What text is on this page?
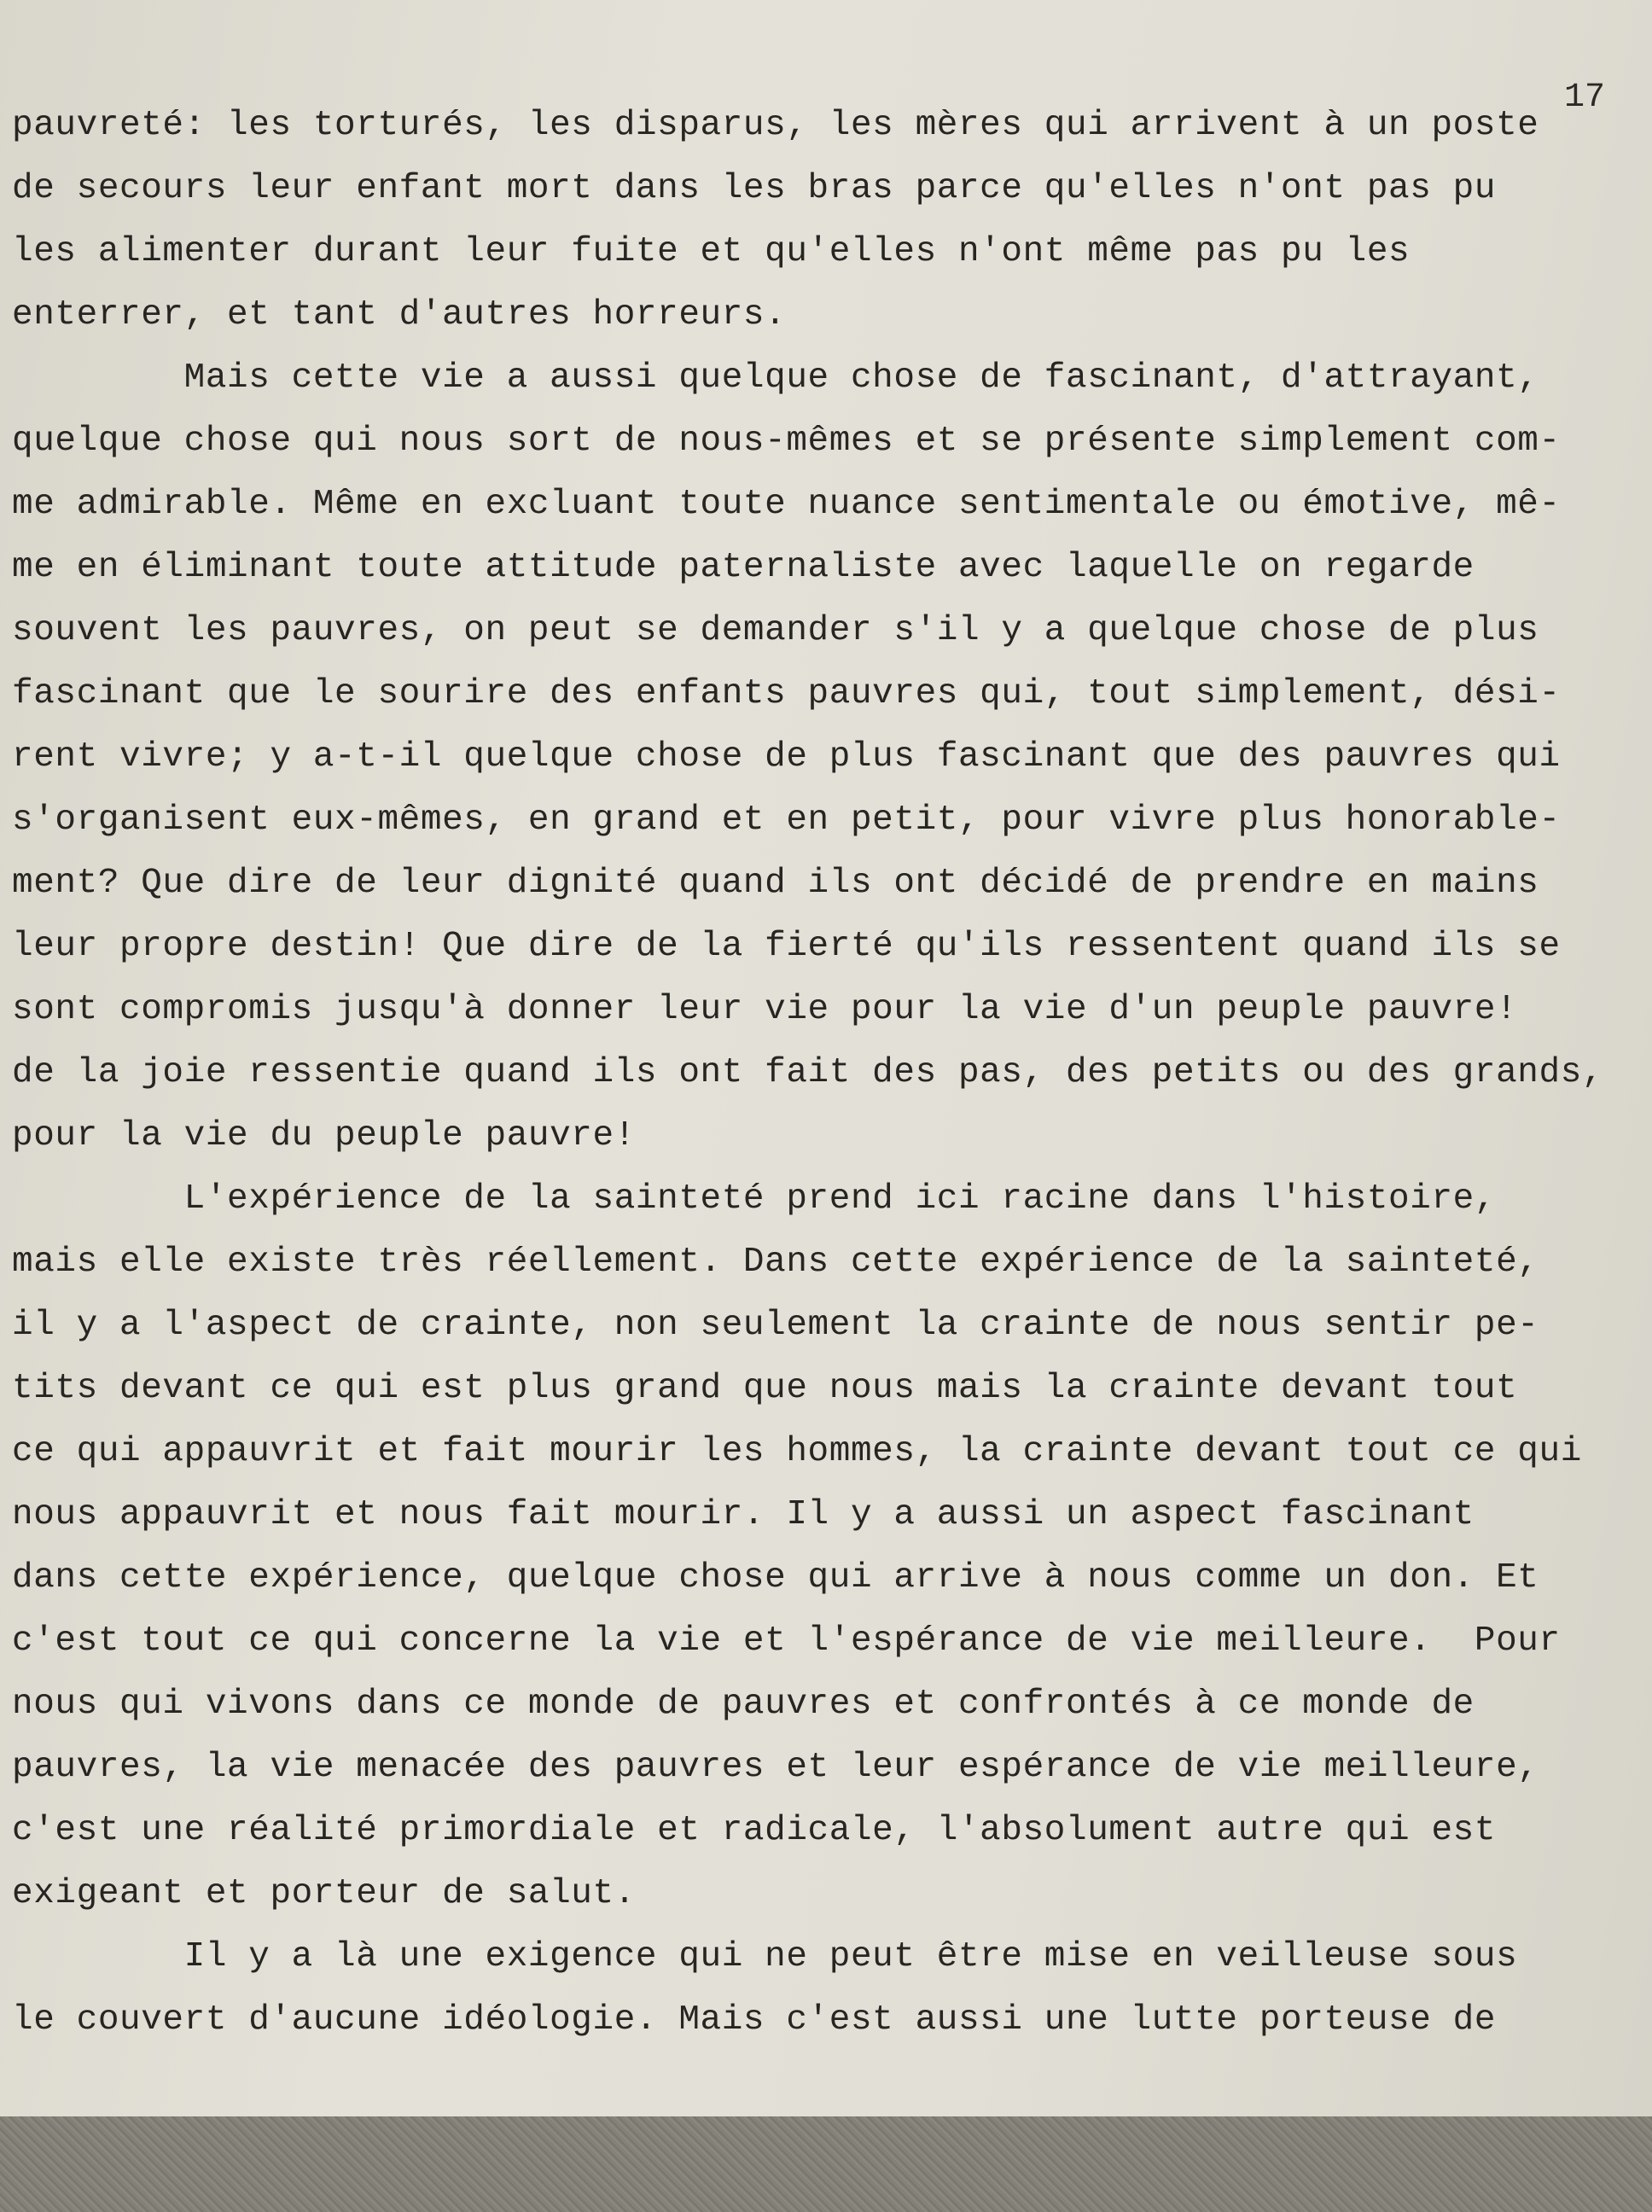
17

pauvreté: les torturés, les disparus, les mères qui arrivent à un poste
de secours leur enfant mort dans les bras parce qu'elles n'ont pas pu
les alimenter durant leur fuite et qu'elles n'ont même pas pu les
enterrer, et tant d'autres horreurs.
Mais cette vie a aussi quelque chose de fascinant, d'attrayant,
quelque chose qui nous sort de nous-mêmes et se présente simplement com-
me admirable. Même en excluant toute nuance sentimentale ou émotive, mê-
me en éliminant toute attitude paternaliste avec laquelle on regarde
souvent les pauvres, on peut se demander s'il y a quelque chose de plus
fascinant que le sourire des enfants pauvres qui, tout simplement, dési-
rent vivre; y a-t-il quelque chose de plus fascinant que des pauvres qui
s'organisent eux-mêmes, en grand et en petit, pour vivre plus honorable-
ment? Que dire de leur dignité quand ils ont décidé de prendre en mains
leur propre destin! Que dire de la fierté qu'ils ressentent quand ils se
sont compromis jusqu'à donner leur vie pour la vie d'un peuple pauvre!
de la joie ressentie quand ils ont fait des pas, des petits ou des grands,
pour la vie du peuple pauvre!
L'expérience de la sainteté prend ici racine dans l'histoire,
mais elle existe très réellement. Dans cette expérience de la sainteté,
il y a l'aspect de crainte, non seulement la crainte de nous sentir pe-
tits devant ce qui est plus grand que nous mais la crainte devant tout
ce qui appauvrit et fait mourir les hommes, la crainte devant tout ce qui
nous appauvrit et nous fait mourir. Il y a aussi un aspect fascinant
dans cette expérience, quelque chose qui arrive à nous comme un don. Et
c'est tout ce qui concerne la vie et l'espérance de vie meilleure.  Pour
nous qui vivons dans ce monde de pauvres et confrontés à ce monde de
pauvres, la vie menacée des pauvres et leur espérance de vie meilleure,
c'est une réalité primordiale et radicale, l'absolument autre qui est
exigeant et porteur de salut.
Il y a là une exigence qui ne peut être mise en veilleuse sous
le couvert d'aucune idéologie. Mais c'est aussi une lutte porteuse de
